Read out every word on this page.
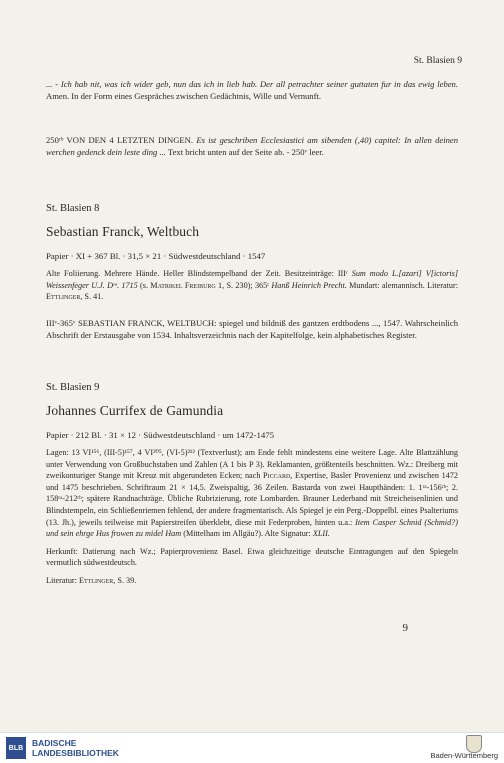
St. Blasien 9

... - Ich hab nit, was ich wider geb, nun das ich in lieb hab. Der all petrachter seiner guttaten fur in das ewig leben. Amen. In der Form eines Gespräches zwischen Gedächtnis, Wille und Vernunft.

250ʳᵇ VON DEN 4 LETZTEN DINGEN. Es ist geschriben Ecclesiastici am sibenden (,40) capitel: In allen deinen werchen gedenck dein leste ding ... Text bricht unten auf der Seite ab. - 250ᵛ leer.

St. Blasien 8

Sebastian Franck, Weltbuch

Papier · XI + 367 Bl. · 31,5 × 21 · Südwestdeutschland · 1547

Alte Foliierung. Mehrere Hände. Heller Blindstempelband der Zeit. Besitzeinträge: IIIʳ Sum modo L.[azari] V[ictoris] Weissenfeger U.J. Dʳᵉ. 1715 (s. Matrikel Freiburg 1, S. 230); 365ʳ Hanß Heinrich Precht. Mundart: alemannisch. Literatur: Ettlinger, S. 41.

IIIᵛ-365ᵛ SEBASTIAN FRANCK, WELTBUCH: spiegel und bildniß des gantzen erdtbodens ..., 1547. Wahrscheinlich Abschrift der Erstausgabe von 1534. Inhaltsverzeichnis nach der Kapitelfolge, kein alphabetisches Register.

St. Blasien 9

Johannes Currifex de Gamundia

Papier · 212 Bl. · 31 × 12 · Südwestdeutschland · um 1472-1475

Lagen: 13 VI¹⁵⁶, (III-5)¹⁵⁷, 4 VI²⁰⁵, (VI-5)²¹² (Textverlust); am Ende fehlt mindestens eine weitere Lage. Alte Blattzählung unter Verwendung von Großbuchstaben und Zahlen (A 1 bis P 3). Reklamanten, größtenteils beschnitten. Wz.: Dreiberg mit zweikonturiger Stange mit Kreuz mit abgerundeten Ecken; nach Piccard, Expertise, Basler Provenienz und zwischen 1472 und 1475 beschrieben. Schriftraum 21 × 14,5. Zweispaltig, 36 Zeilen. Bastarda von zwei Haupthänden: 1. 1ʳᵃ-156ʳᵇ; 2. 158ʳᵃ-212ʳᵇ; spätere Randnachträge. Übliche Rubrizierung, rote Lombarden. Brauner Lederband mit Streicheisenlinien und Blindstempeln, ein Schließenriemen fehlend, der andere fragmentarisch. Als Spiegel je ein Perg.-Doppelbl. eines Psalteriums (13. Jh.), jeweils teilweise mit Papierstreifen überklebt, diese mit Federproben, hinten u.a.: Item Casper Schnid (Schmid?) und sein ehrge Hus frowen zu midel Ham (Mittelham im Allgäu?). Alte Signatur: XLII.

Herkunft: Datierung nach Wz.; Papierprovenienz Basel. Etwa gleichzeitige deutsche Eintragungen auf den Spiegeln vermutlich südwestdeutsch.

Literatur: Ettlinger, S. 39.

9
BLB	BADISCHE
LANDESBIBLIOTHEK	Baden-Württemberg
